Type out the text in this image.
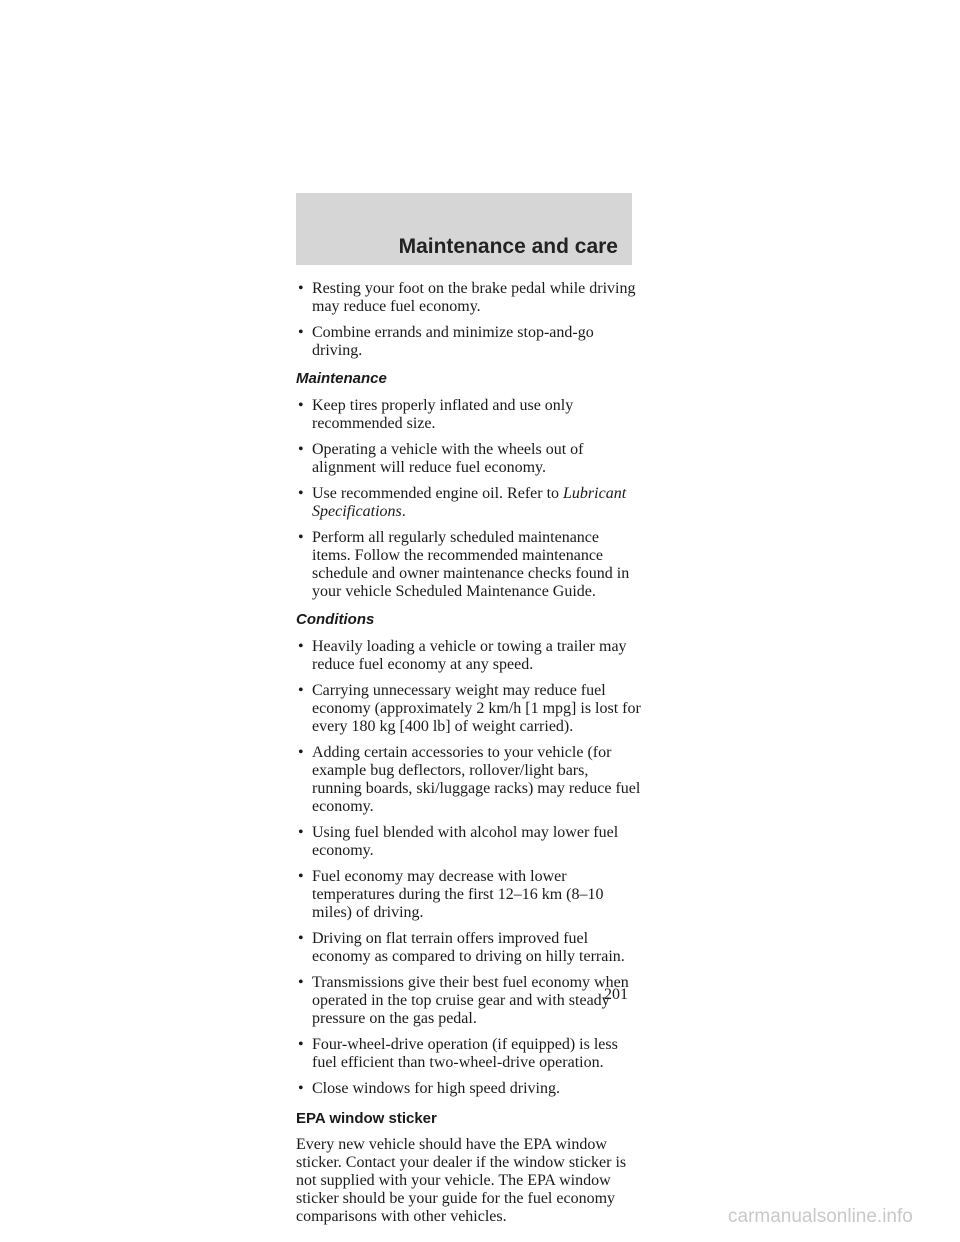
Maintenance and care
• Resting your foot on the brake pedal while driving may reduce fuel economy.
• Combine errands and minimize stop-and-go driving.
Maintenance
• Keep tires properly inflated and use only recommended size.
• Operating a vehicle with the wheels out of alignment will reduce fuel economy.
• Use recommended engine oil. Refer to Lubricant Specifications.
• Perform all regularly scheduled maintenance items. Follow the recommended maintenance schedule and owner maintenance checks found in your vehicle Scheduled Maintenance Guide.
Conditions
• Heavily loading a vehicle or towing a trailer may reduce fuel economy at any speed.
• Carrying unnecessary weight may reduce fuel economy (approximately 2 km/h [1 mpg] is lost for every 180 kg [400 lb] of weight carried).
• Adding certain accessories to your vehicle (for example bug deflectors, rollover/light bars, running boards, ski/luggage racks) may reduce fuel economy.
• Using fuel blended with alcohol may lower fuel economy.
• Fuel economy may decrease with lower temperatures during the first 12–16 km (8–10 miles) of driving.
• Driving on flat terrain offers improved fuel economy as compared to driving on hilly terrain.
• Transmissions give their best fuel economy when operated in the top cruise gear and with steady pressure on the gas pedal.
• Four-wheel-drive operation (if equipped) is less fuel efficient than two-wheel-drive operation.
• Close windows for high speed driving.
EPA window sticker

Every new vehicle should have the EPA window sticker. Contact your dealer if the window sticker is not supplied with your vehicle. The EPA window sticker should be your guide for the fuel economy comparisons with other vehicles.

201
carmanualsonline.info
